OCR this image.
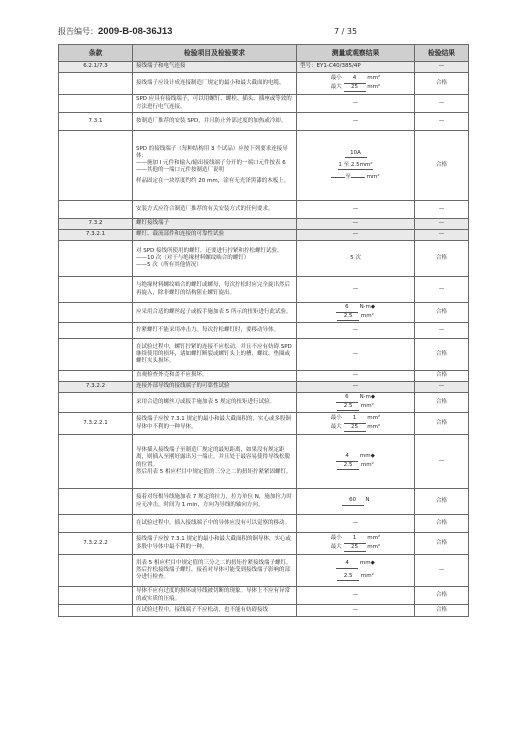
报告编号：2009-B-08-36J13	7 / 35
条款	检验项目及检验要求	测量或观察结果	检验结果
6.2.1/7.3	接线端子和电气连接	型号：EY1-C40/385/4P	—
	接线端子应设计成连接制造厂规定的最小和最大截面的电缆。	最小 4 mm²
最大 25 mm²	合格
	SPD 应具有接线端子，可以用螺钉、螺栓、插头、插座或等效的方法进行电气连接。	—	—
7.3.1	按制造厂推荐的安装 SPD，并且防止外部过度的加热或冷却。	—	—
	SPD 的接线端子（每种结构用 3 个试品）应按下列要求连接导体：
——施加 I 元件和输入/输出接线端子分开的一端口元件按表 6
——其他的一端口元件按制造厂说明
样品固定在一块厚度约约 20 mm，涂有无光泽黑漆的木板上。	10A
1 至 2.5mm²
至 mm²	合格
	安装方式应符合制造厂推荐的有关安装方式的任何要求。	—	—
7.3.2	螺钉接线端子	—	—
7.3.2.1	螺钉、载流部件和连接的可靠性试验	—	—
	对 SPD 接线所使用的螺钉，还要进行拧紧和拧松螺钉试验。
——10 次（对于与绝缘材料螺纹啮合的螺钉）
——5 次（所有其他情况）	5 次	合格
	与绝缘材料螺纹啮合的螺钉或螺母，每次拧松时应完全旋出然后再旋入，除非螺钉的结构阻止螺钉旋出。	—	—
	应采用合适的螺丝起子或扳手施加表 5 所示的扭矩进行此试验。	6 N·m◆
2.5 mm²	合格
	拧紧螺钉不能采用冲击力。每次拧松螺钉时，要移动导体。	—	—
	在试验过程中，螺钉拧紧的连接不应松动，并且不应有妨碍 SPD 继续使用的损坏，诸如螺钉断裂或螺钉头上的槽、螺纹、垫圈或螺钉夹头损坏。	—	合格
	直观检查外壳和盖不应损坏。	—	合格
7.3.2.2	连接外部导线的接线端子的可靠性试验	—	—
	采用合适的螺丝刀或扳手施加表 5 规定的扭矩进行试验。	6 N·m◆
2.5 mm²	合格
7.3.2.2.1	接线端子应按 7.3.1 规定的最小和最大截面积的，实心或多股铜导体中不利的一种导体。	最小 1 mm²
最大 25 mm²	合格
	导体插入接线端子至制造厂规定的最短距离，如果没有规定距离，则插入至刚好露出另一端止，并且处于最容易使得导线松脱的位置。
然后用表 5 相应栏目中规定值的三分之二的扭矩拧紧紧固螺钉。	4 mm◆
2.5 mm²	—
	接着对每根导线施加表 7 规定的拉力，拉力单位 N，施加拉力时应无冲击，时间为 1 min，方向为导线的轴向方向。	60 N	合格
	在试验过程中，插入接线端子中的导体应没有可以觉察的移动。	—	合格
7.3.2.2.2	接线端子应按 7.3.1 规定的最小和最大截面积的铜导体，实心或多股中导体中最不利的一种。	最小 1 mm²
最大 25 mm²	合格
	用表 5 相应栏目中规定值的三分之二的扭矩拧紧接线端子螺钉，然后拧松接线端子螺钉，接着对导体可能受到接线端子影响的部分进行检查。	4 mm◆

2.5 mm²	—
	导体不应有过度的损坏或导线被切断的现象。导体上不应有异常的或实质的压痕。	—	合格
	在试验过程中，接线端子不应松动，也不能有妨碍接线	—	合格
